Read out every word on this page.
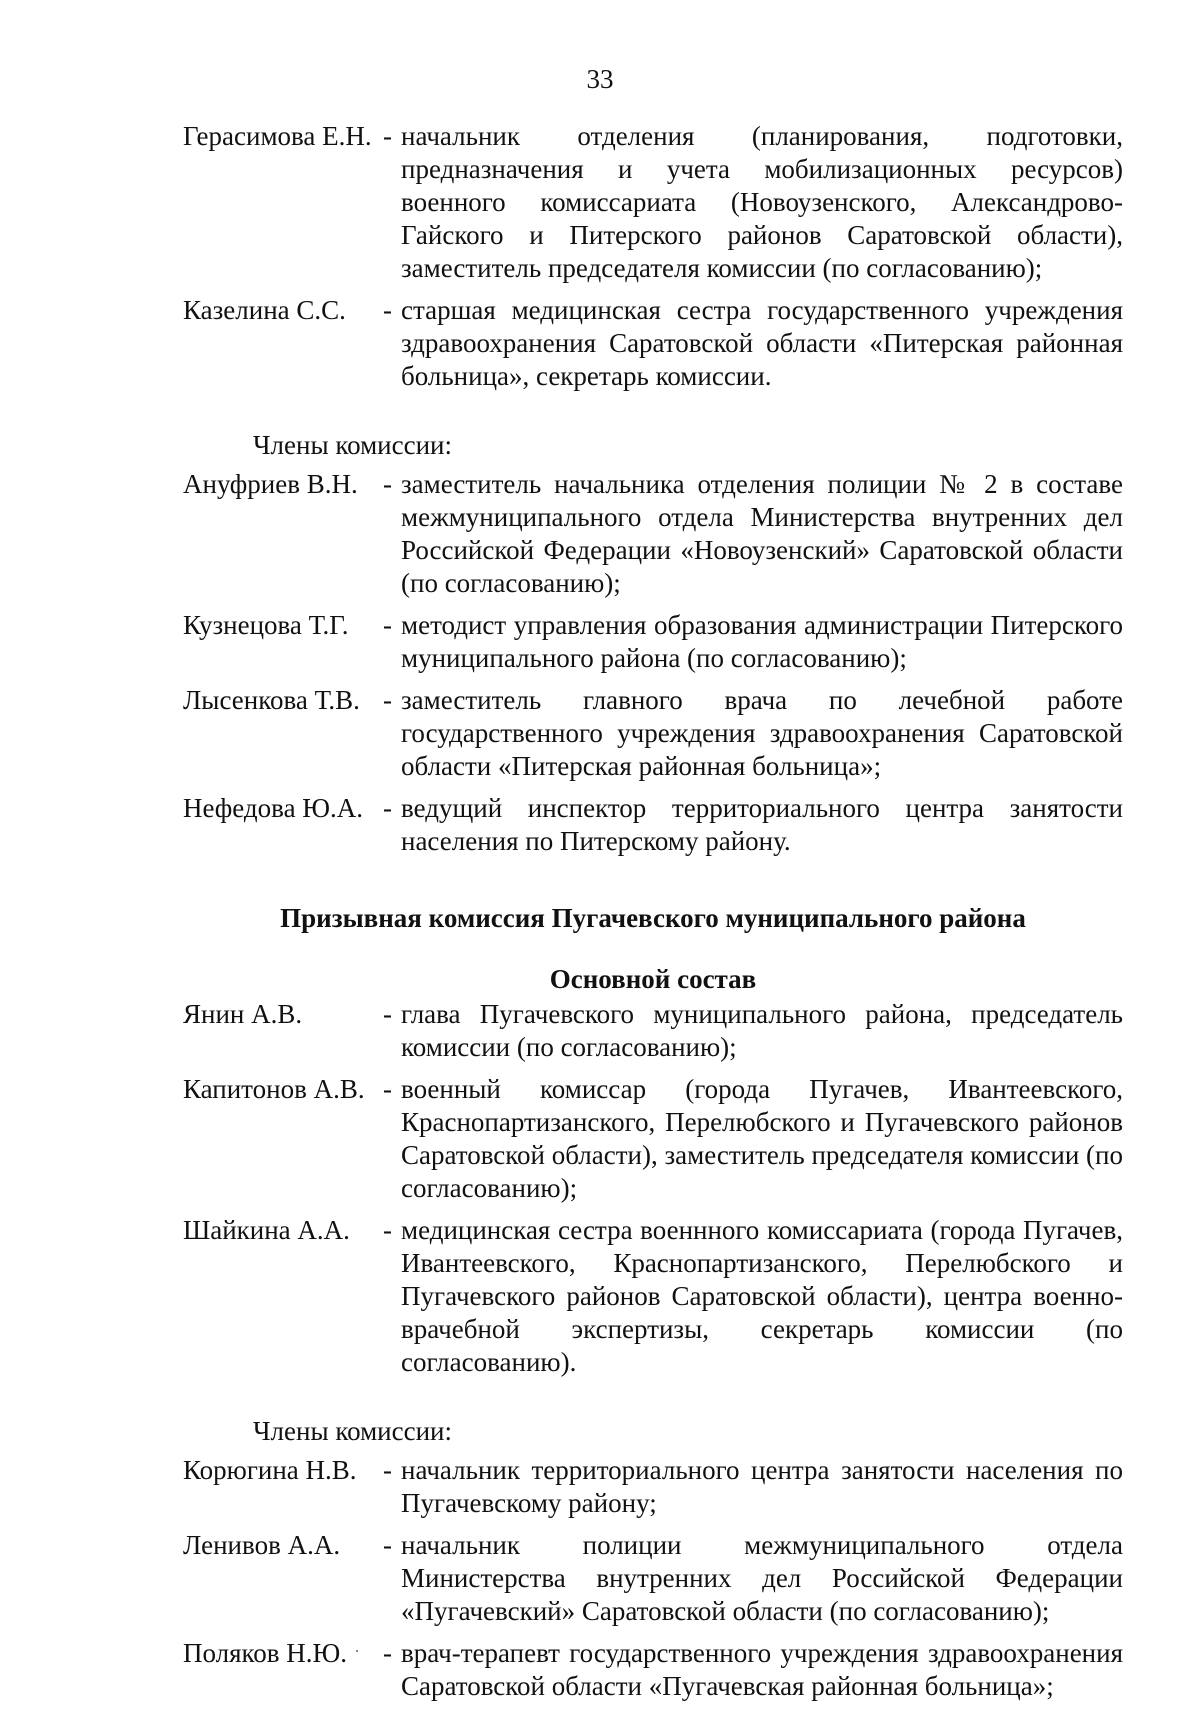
33
Герасимова Е.Н. - начальник отделения (планирования, подготовки, предназначения и учета мобилизационных ресурсов) военного комиссариата (Новоузенского, Александрово-Гайского и Питерского районов Саратовской области), заместитель председателя комиссии (по согласованию);
Казелина С.С.	- старшая медицинская сестра государственного учреждения здравоохранения Саратовской области «Питерская районная больница», секретарь комиссии.
Члены комиссии:
Ануфриев В.Н. - заместитель начальника отделения полиции № 2 в составе межмуниципального отдела Министерства внутренних дел Российской Федерации «Новоузенский» Саратовской области (по согласованию);
Кузнецова Т.Г.	- методист управления образования администрации Питерского муниципального района (по согласованию);
Лысенкова Т.В. - заместитель главного врача по лечебной работе государственного учреждения здравоохранения Саратовской области «Питерская районная больница»;
Нефедова Ю.А. - ведущий инспектор территориального центра занятости населения по Питерскому району.
Призывная комиссия Пугачевского муниципального района
Основной состав
Янин А.В.	- глава Пугачевского муниципального района, председатель комиссии (по согласованию);
Капитонов А.В. - военный комиссар (города Пугачев, Ивантеевского, Краснопартизанского, Перелюбского и Пугачевского районов Саратовской области), заместитель председателя комиссии (по согласованию);
Шайкина А.А.	- медицинская сестра военнного комиссариата (города Пугачев, Ивантеевского, Краснопартизанского, Перелюбского и Пугачевского районов Саратовской области), центра военно-врачебной экспертизы, секретарь комиссии (по согласованию).
Члены комиссии:
Корюгина Н.В. - начальник территориального центра занятости населения по Пугачевскому району;
Ленивов А.А.	- начальник полиции межмуниципального отдела Министерства внутренних дел Российской Федерации «Пугачевский» Саратовской области (по согласованию);
Поляков Н.Ю.	- врач-терапевт государственного учреждения здравоохранения Саратовской области «Пугачевская районная больница»;
